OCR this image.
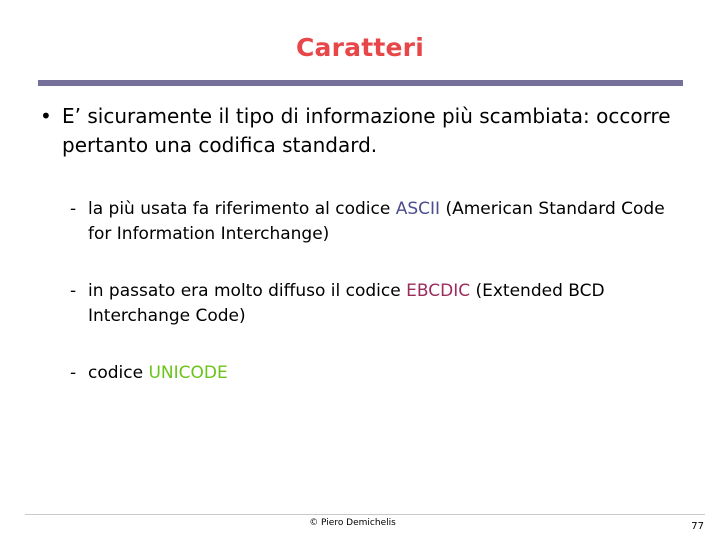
Caratteri
• E’ sicuramente il tipo di informazione più scambiata: occorre pertanto una codifica standard.
- la più usata fa riferimento al codice ASCII (American Standard Code for Information Interchange)
- in passato era molto diffuso il codice EBCDIC (Extended BCD Interchange Code)
- codice UNICODE
© Piero Demichelis	77
